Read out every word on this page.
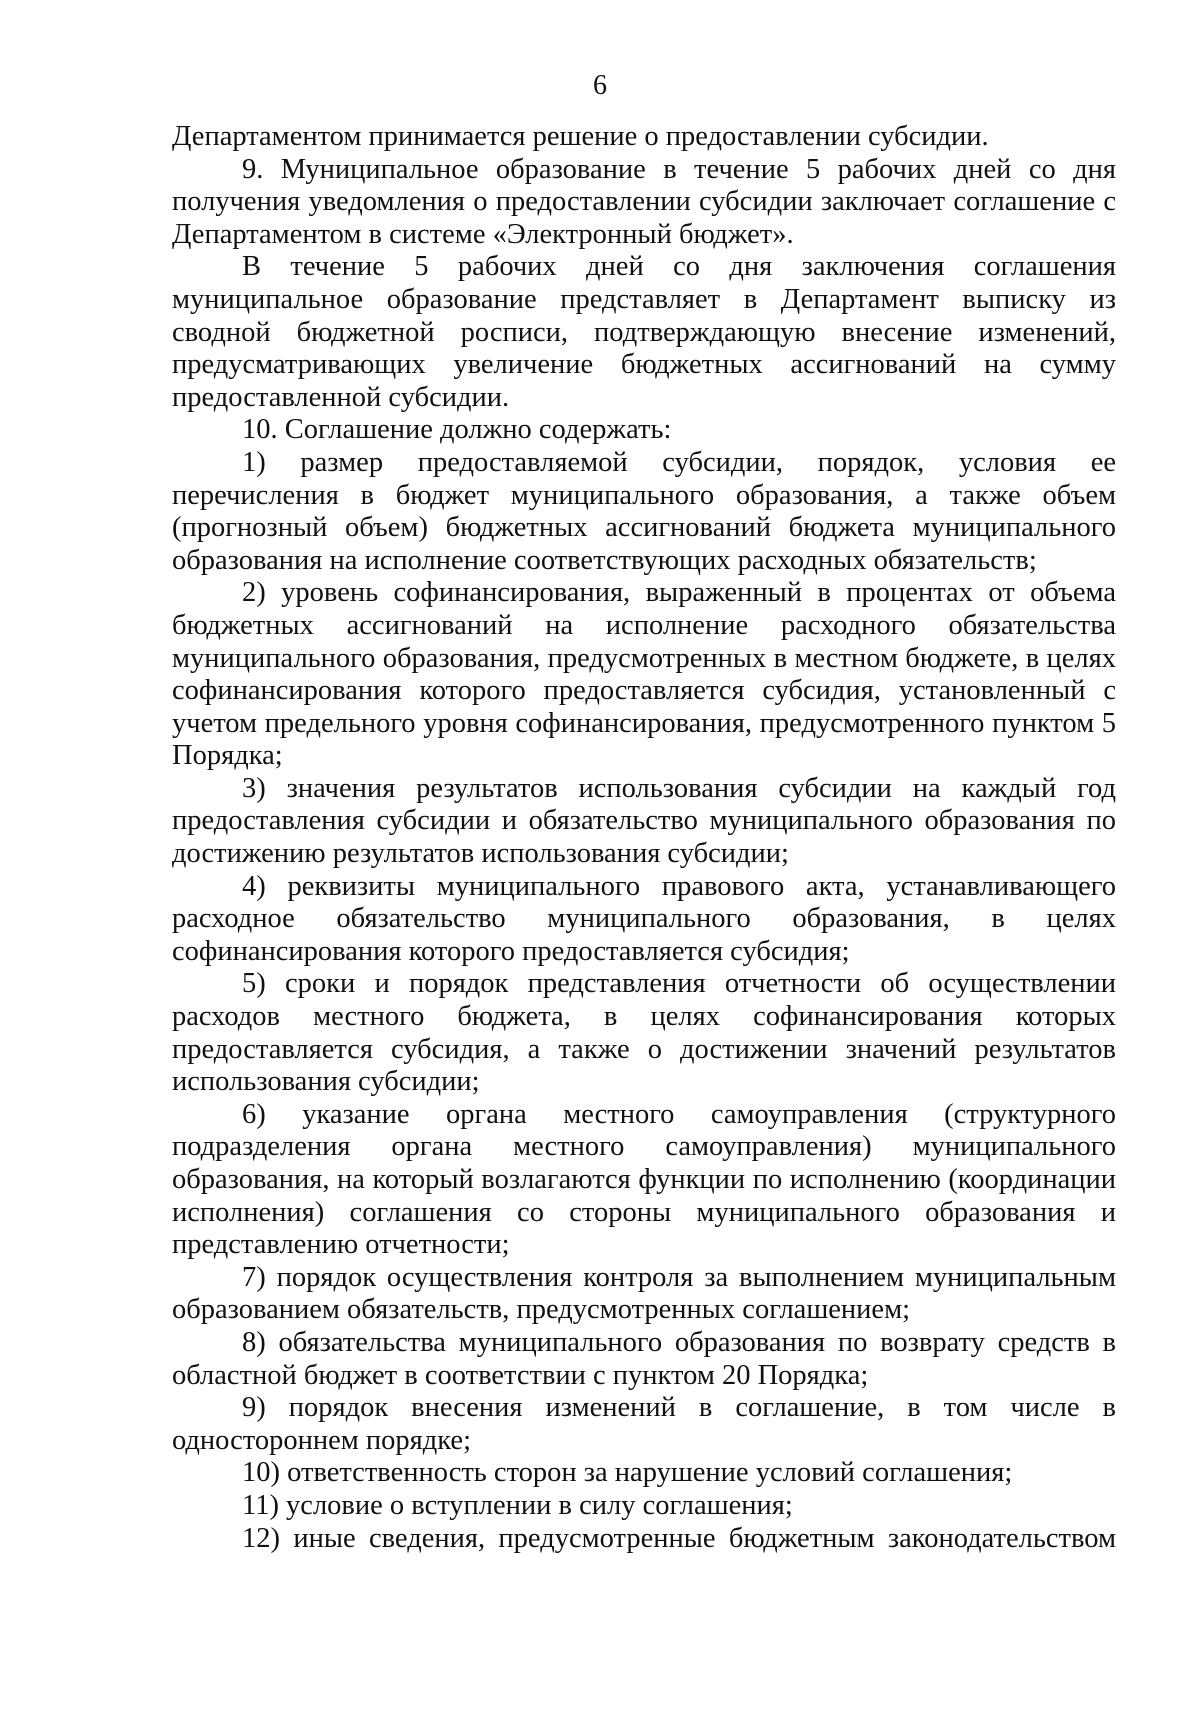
6

Департаментом принимается решение о предоставлении субсидии.

9. Муниципальное образование в течение 5 рабочих дней со дня получения уведомления о предоставлении субсидии заключает соглашение с Департаментом в системе «Электронный бюджет».

В течение 5 рабочих дней со дня заключения соглашения муниципальное образование представляет в Департамент выписку из сводной бюджетной росписи, подтверждающую внесение изменений, предусматривающих увеличение бюджетных ассигнований на сумму предоставленной субсидии.

10. Соглашение должно содержать:

1) размер предоставляемой субсидии, порядок, условия ее перечисления в бюджет муниципального образования, а также объем (прогнозный объем) бюджетных ассигнований бюджета муниципального образования на исполнение соответствующих расходных обязательств;

2) уровень софинансирования, выраженный в процентах от объема бюджетных ассигнований на исполнение расходного обязательства муниципального образования, предусмотренных в местном бюджете, в целях софинансирования которого предоставляется субсидия, установленный с учетом предельного уровня софинансирования, предусмотренного пунктом 5 Порядка;

3) значения результатов использования субсидии на каждый год предоставления субсидии и обязательство муниципального образования по достижению результатов использования субсидии;

4) реквизиты муниципального правового акта, устанавливающего расходное обязательство муниципального образования, в целях софинансирования которого предоставляется субсидия;

5) сроки и порядок представления отчетности об осуществлении расходов местного бюджета, в целях софинансирования которых предоставляется субсидия, а также о достижении значений результатов использования субсидии;

6) указание органа местного самоуправления (структурного подразделения органа местного самоуправления) муниципального образования, на который возлагаются функции по исполнению (координации исполнения) соглашения со стороны муниципального образования и представлению отчетности;

7) порядок осуществления контроля за выполнением муниципальным образованием обязательств, предусмотренных соглашением;

8) обязательства муниципального образования по возврату средств в областной бюджет в соответствии с пунктом 20 Порядка;

9) порядок внесения изменений в соглашение, в том числе в одностороннем порядке;

10) ответственность сторон за нарушение условий соглашения;

11) условие о вступлении в силу соглашения;

12) иные сведения, предусмотренные бюджетным законодательством
